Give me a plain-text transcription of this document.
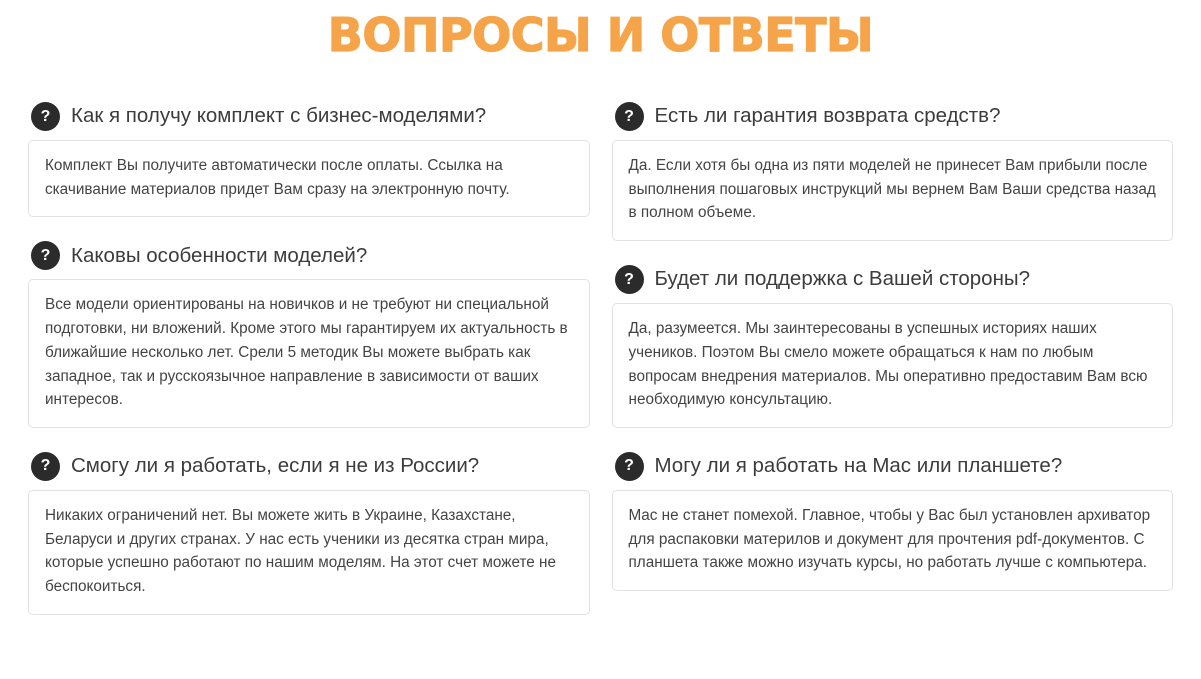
ВОПРОСЫ И ОТВЕТЫ
?	Как я получу комплект с бизнес-моделями?

Комплект Вы получите автоматически после оплаты. Ссылка на скачивание материалов придет Вам сразу на электронную почту.

?	Каковы особенности моделей?

Все модели ориентированы на новичков и не требуют ни специальной подготовки, ни вложений. Кроме этого мы гарантируем их актуальность в ближайшие несколько лет. Срели 5 методик Вы можете выбрать как западное, так и русскоязычное направление в зависимости от ваших интересов.

?	Смогу ли я работать, если я не из России?

Никаких ограничений нет. Вы можете жить в Украине, Казахстане, Беларуси и других странах. У нас есть ученики из десятка стран мира, которые успешно работают по нашим моделям. На этот счет можете не беспокоиться.

?	Есть ли гарантия возврата средств?

Да. Если хотя бы одна из пяти моделей не принесет Вам прибыли после выполнения пошаговых инструкций мы вернем Вам Ваши средства назад в полном объеме.

?	Будет ли поддержка с Вашей стороны?

Да, разумеется. Мы заинтересованы в успешных историях наших учеников. Поэтом Вы смело можете обращаться к нам по любым вопросам внедрения материалов. Мы оперативно предоставим Вам всю необходимую консультацию.

?	Могу ли я работать на Mac или планшете?

Mac не станет помехой. Главное, чтобы у Вас был установлен архиватор для распаковки материлов и документ для прочтения pdf-документов. С планшета также можно изучать курсы, но работать лучше с компьютера.
